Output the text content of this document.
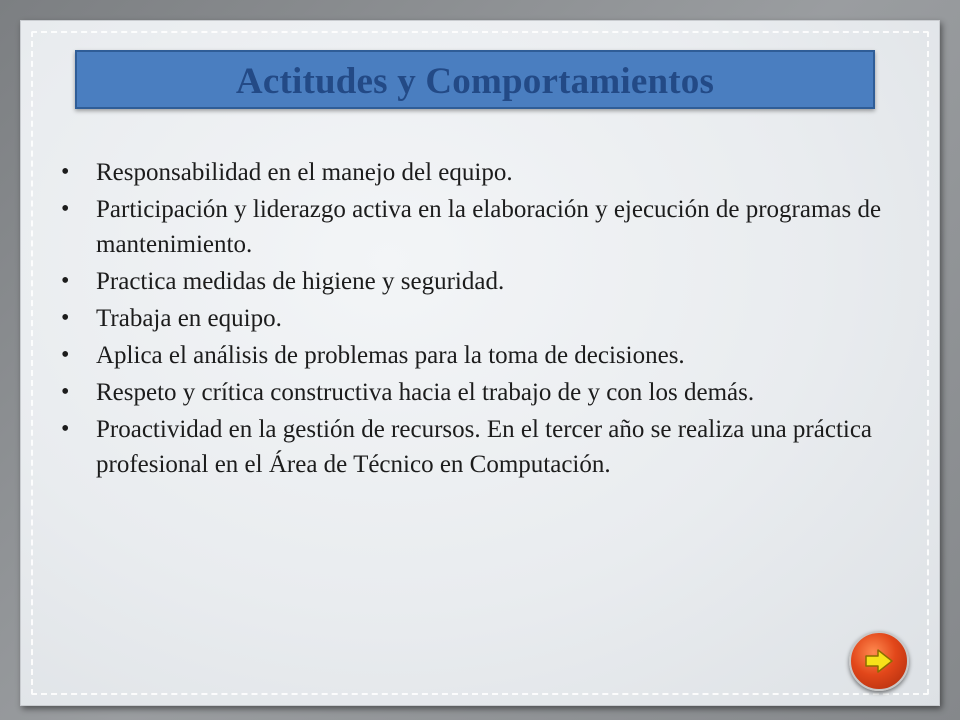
Actitudes y Comportamientos
• Responsabilidad en el manejo del equipo.
• Participación y liderazgo activa en la elaboración y ejecución de programas de mantenimiento.
• Practica medidas de higiene y seguridad.
• Trabaja en equipo.
• Aplica el análisis de problemas para la toma de decisiones.
• Respeto y crítica constructiva hacia el trabajo de y con los demás.
• Proactividad en la gestión de recursos. En el tercer año se realiza una práctica profesional en el Área de Técnico en Computación.
